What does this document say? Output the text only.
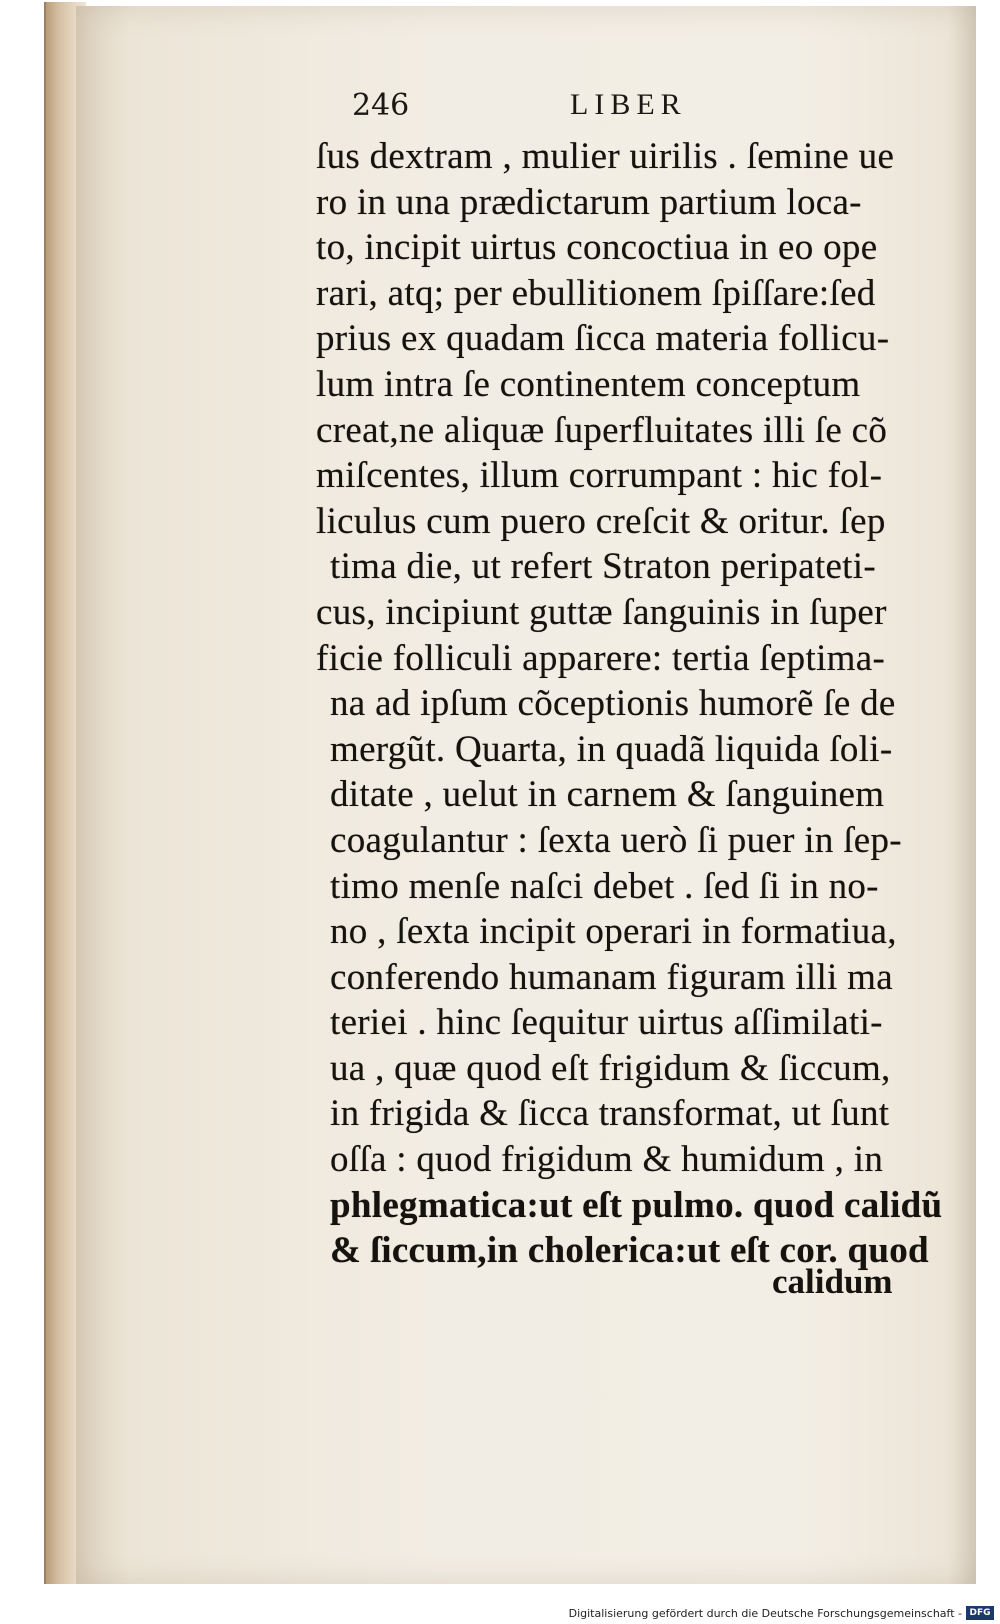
246	LIBER
ſus dextram , mulier uirilis . ſemine ue
ro in una prædictarum partium loca-
to, incipit uirtus concoctiua in eo ope
rari, atq; per ebullitionem ſpiſſare:ſed
prius ex quadam ſicca materia follicu-
lum intra ſe continentem conceptum
creat,ne aliquæ ſuperfluitates illi ſe cõ
miſcentes, illum corrumpant : hic fol-
liculus cum puero creſcit & oritur. ſep
tima die, ut refert Straton peripateti-
cus, incipiunt guttæ ſanguinis in ſuper
ficie folliculi apparere: tertia ſeptima-
na ad ipſum cõceptionis humorẽ ſe de
mergũt. Quarta, in quadã liquida ſoli-
ditate , uelut in carnem & ſanguinem
coagulantur : ſexta uerò ſi puer in ſep-
timo menſe naſci debet . ſed ſi in no-
no , ſexta incipit operari in formatiua,
conferendo humanam figuram illi ma
teriei . hinc ſequitur uirtus aſſimilati-
ua , quæ quod eſt frigidum & ſiccum,
in frigida & ſicca transformat, ut ſunt
oſſa : quod frigidum & humidum , in
phlegmatica:ut eſt pulmo. quod calidũ
& ſiccum,in cholerica:ut eſt cor. quod
calidum
Digitalisierung gefördert durch die Deutsche Forschungsgemeinschaft - DFG
